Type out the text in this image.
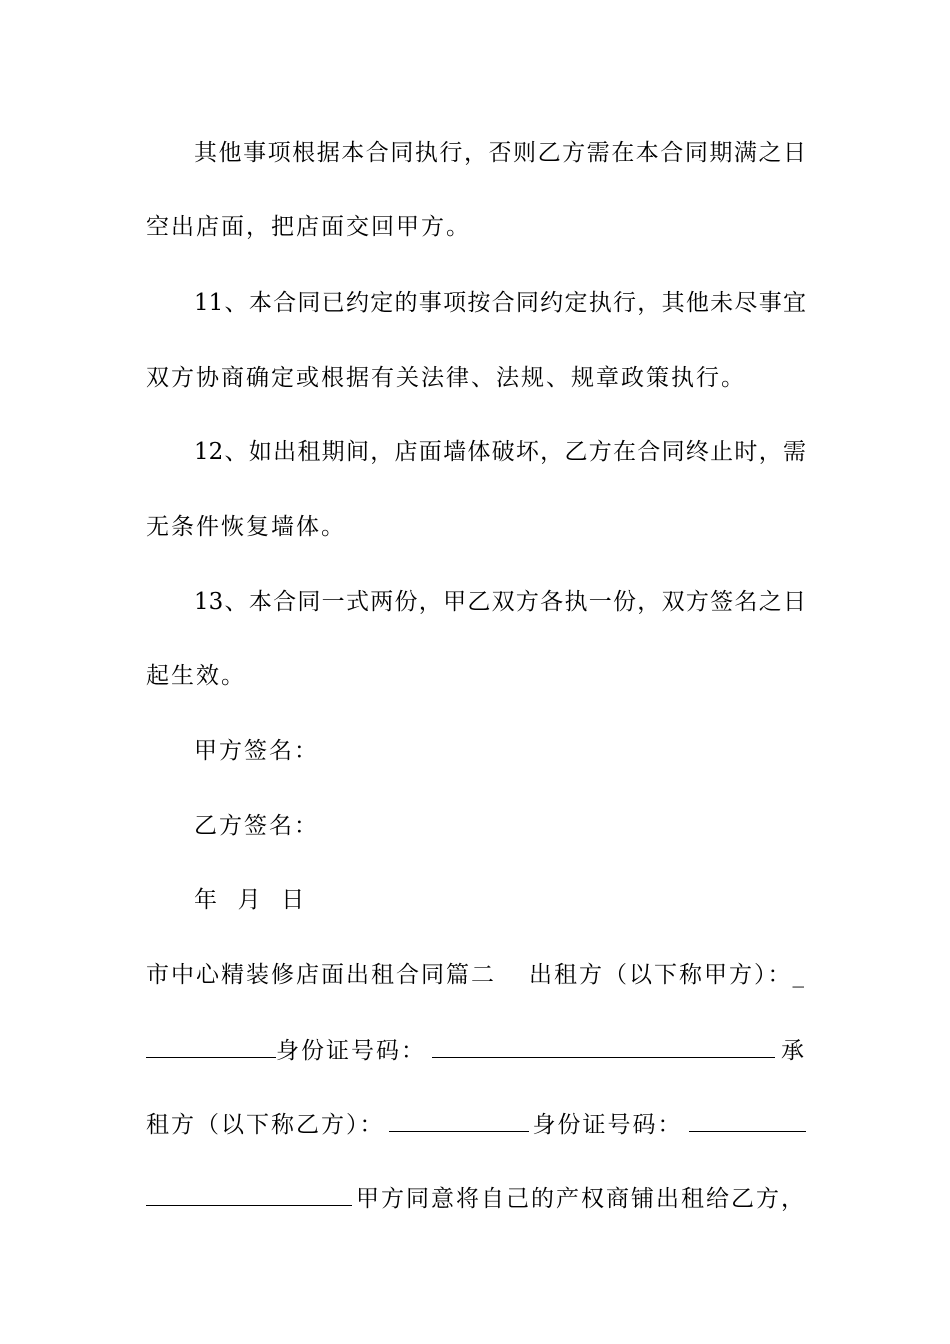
其他事项根据本合同执行，否则乙方需在本合同期满之日
空出店面，把店面交回甲方。
11、本合同已约定的事项按合同约定执行，其他未尽事宜
双方协商确定或根据有关法律、法规、规章政策执行。
12、如出租期间，店面墙体破坏，乙方在合同终止时，需
无条件恢复墙体。
13、本合同一式两份，甲乙双方各执一份，双方签名之日
起生效。
甲方签名：
乙方签名：
年  月  日
市中心精装修店面出租合同篇二 出租方（以下称甲方）：_
身份证号码：	承
租方（以下称乙方）：	身份证号码：
甲方同意将自己的产权商铺出租给乙方，
